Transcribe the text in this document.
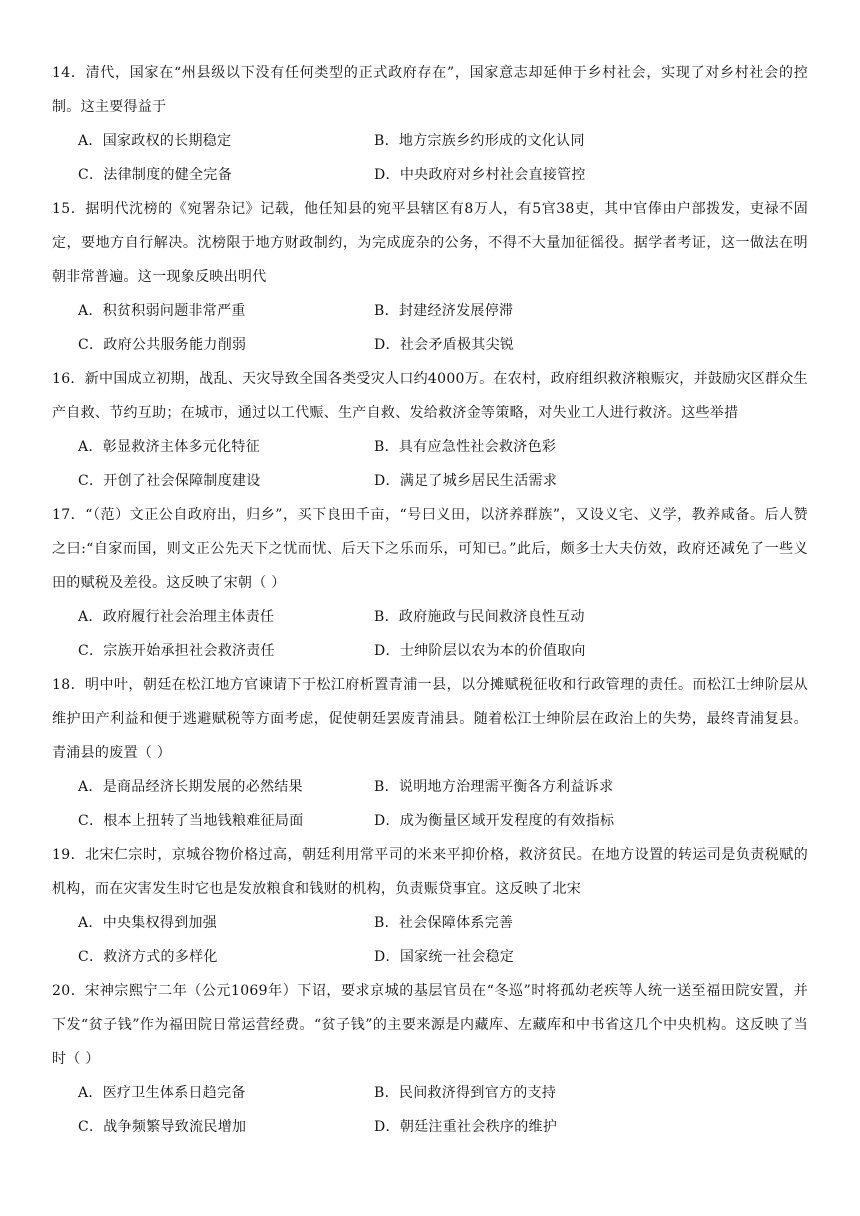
14．清代，国家在“州县级以下没有任何类型的正式政府存在”，国家意志却延伸于乡村社会，实现了对乡村社会的控制。这主要得益于

A．国家政权的长期稳定	B．地方宗族乡约形成的文化认同
C．法律制度的健全完备	D．中央政府对乡村社会直接管控

15．据明代沈榜的《宛署杂记》记载，他任知县的宛平县辖区有8万人，有5官38吏，其中官俸由户部拨发，吏禄不固定，要地方自行解决。沈榜限于地方财政制约，为完成庞杂的公务，不得不大量加征徭役。据学者考证，这一做法在明朝非常普遍。这一现象反映出明代

A．积贫积弱问题非常严重	B．封建经济发展停滞
C．政府公共服务能力削弱	D．社会矛盾极其尖锐

16．新中国成立初期，战乱、天灾导致全国各类受灾人口约4000万。在农村，政府组织救济粮赈灾，并鼓励灾区群众生产自救、节约互助；在城市，通过以工代赈、生产自救、发给救济金等策略，对失业工人进行救济。这些举措

A．彰显救济主体多元化特征	B．具有应急性社会救济色彩
C．开创了社会保障制度建设	D．满足了城乡居民生活需求

17．“（范）文正公自政府出，归乡”，买下良田千亩，“号曰义田，以济养群族”，又设义宅、义学，教养咸备。后人赞之曰:“自家而国，则文正公先天下之忧而忧、后天下之乐而乐，可知已。”此后，颇多士大夫仿效，政府还减免了一些义田的赋税及差役。这反映了宋朝（ ）

A．政府履行社会治理主体责任	B．政府施政与民间救济良性互动
C．宗族开始承担社会救济责任	D．士绅阶层以农为本的价值取向

18．明中叶，朝廷在松江地方官谏请下于松江府析置青浦一县，以分摊赋税征收和行政管理的责任。而松江士绅阶层从维护田产利益和便于逃避赋税等方面考虑，促使朝廷罢废青浦县。随着松江士绅阶层在政治上的失势，最终青浦复县。青浦县的废置（ ）

A．是商品经济长期发展的必然结果	B．说明地方治理需平衡各方利益诉求
C．根本上扭转了当地钱粮难征局面	D．成为衡量区域开发程度的有效指标

19．北宋仁宗时，京城谷物价格过高，朝廷利用常平司的米来平抑价格，救济贫民。在地方设置的转运司是负责税赋的机构，而在灾害发生时它也是发放粮食和钱财的机构，负责赈贷事宜。这反映了北宋

A．中央集权得到加强	B．社会保障体系完善
C．救济方式的多样化	D．国家统一社会稳定

20．宋神宗熙宁二年（公元1069年）下诏，要求京城的基层官员在“冬巡”时将孤幼老疾等人统一送至福田院安置，并下发“贫子钱”作为福田院日常运营经费。“贫子钱”的主要来源是内藏库、左藏库和中书省这几个中央机构。这反映了当时（ ）

A．医疗卫生体系日趋完备	B．民间救济得到官方的支持
C．战争频繁导致流民增加	D．朝廷注重社会秩序的维护
